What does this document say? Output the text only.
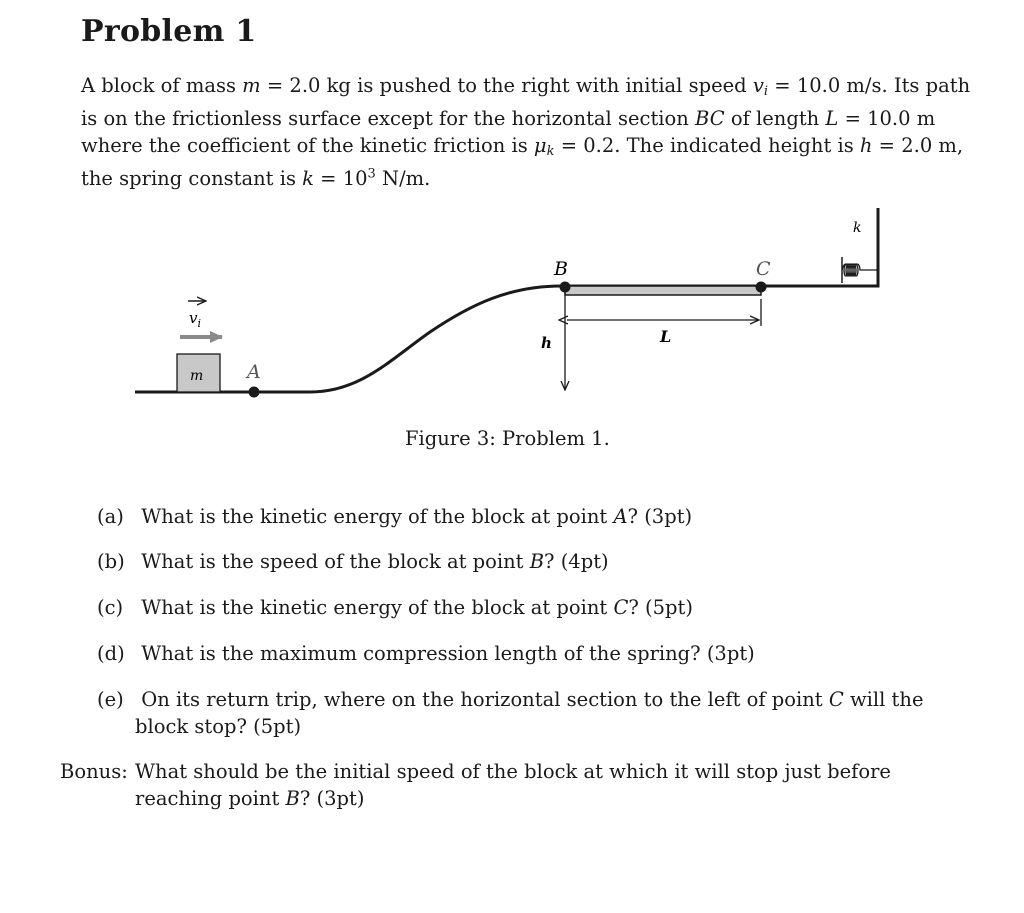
Problem 1
A block of mass m = 2.0 kg is pushed to the right with initial speed $v_i = 10.0$ m/s. Its path
is on the frictionless surface except for the horizontal section BC of length L = 10.0 m
where the coefficient of the kinetic friction is $\mu_k = 0.2$. The indicated height is h = 2.0 m,
the spring constant is $k = 10^3$ N/m.
k
B	C
$v_i$
h	L
m A
Figure 3: Problem 1.
(a) What is the kinetic energy of the block at point A? (3pt)
(b) What is the speed of the block at point B? (4pt)
(c) What is the kinetic energy of the block at point C? (5pt)
(d) What is the maximum compression length of the spring? (3pt)
(e) On its return trip, where on the horizontal section to the left of point C will the
block stop? (5pt)
Bonus: What should be the initial speed of the block at which it will stop just before
reaching point B? (3pt)
